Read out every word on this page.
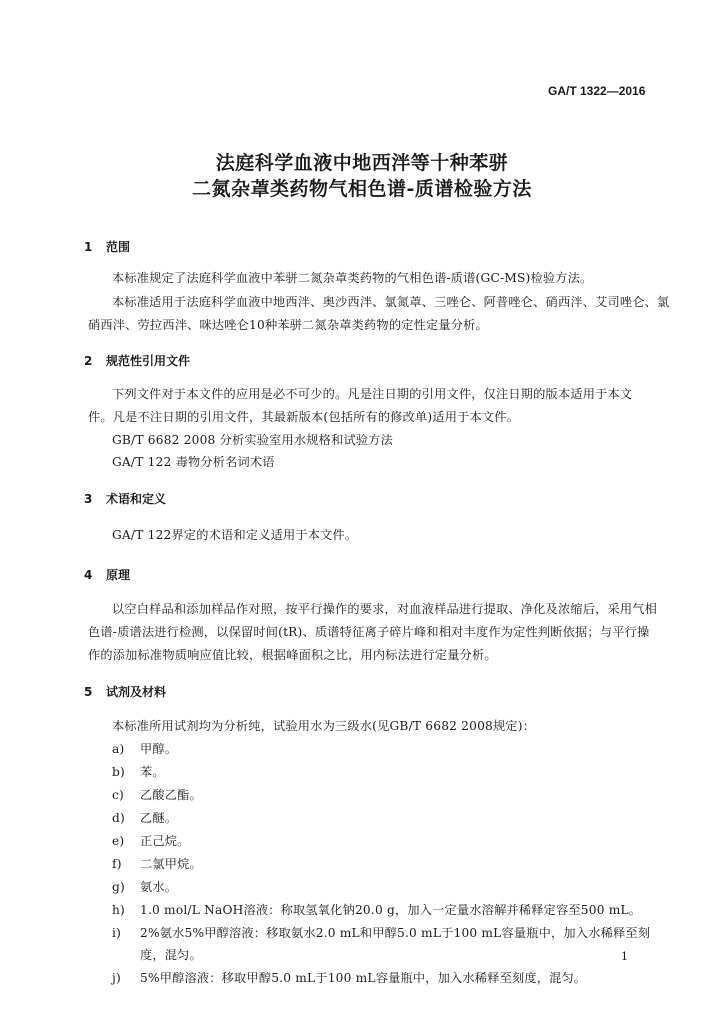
GA/T 1322—2016
法庭科学血液中地西泮等十种苯骈
二氮杂䓬类药物气相色谱-质谱检验方法
1 范围
本标准规定了法庭科学血液中苯骈二氮杂䓬类药物的气相色谱-质谱(GC-MS)检验方法。
本标准适用于法庭科学血液中地西泮、奥沙西泮、氯氮䓬、三唑仑、阿普唑仑、硝西泮、艾司唑仑、氯
硝西泮、劳拉西泮、咪达唑仑10种苯骈二氮杂䓬类药物的定性定量分析。
2 规范性引用文件
下列文件对于本文件的应用是必不可少的。凡是注日期的引用文件，仅注日期的版本适用于本文
件。凡是不注日期的引用文件，其最新版本(包括所有的修改单)适用于本文件。
GB/T 6682 2008 分析实验室用水规格和试验方法
GA/T 122 毒物分析名词术语
3 术语和定义
GA/T 122界定的术语和定义适用于本文件。
4 原理
以空白样品和添加样品作对照，按平行操作的要求，对血液样品进行提取、净化及浓缩后，采用气相
色谱-质谱法进行检测，以保留时间(tR)、质谱特征离子碎片峰和相对丰度作为定性判断依据；与平行操
作的添加标准物质响应值比较，根据峰面积之比，用内标法进行定量分析。
5 试剂及材料
本标准所用试剂均为分析纯，试验用水为三级水(见GB/T 6682 2008规定)：
a) 甲醇。
b) 苯。
c) 乙酸乙酯。
d) 乙醚。
e) 正己烷。
f) 二氯甲烷。
g) 氨水。
h) 1.0 mol/L NaOH溶液：称取氢氧化钠20.0 g，加入一定量水溶解并稀释定容至500 mL。
i) 2%氨水5%甲醇溶液：移取氨水2.0 mL和甲醇5.0 mL于100 mL容量瓶中，加入水稀释至刻
度，混匀。
j) 5%甲醇溶液：移取甲醇5.0 mL于100 mL容量瓶中，加入水稀释至刻度，混匀。
1
